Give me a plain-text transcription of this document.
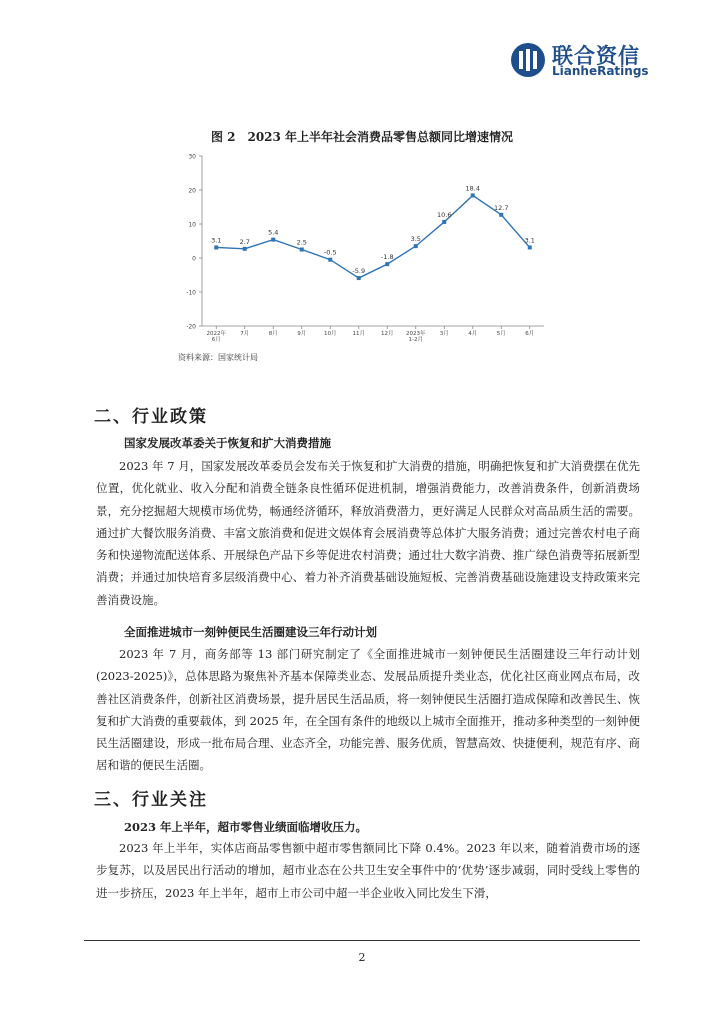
联合资信
LianheRatings
图 2　2023 年上半年社会消费品零售总额同比增速情况
-20
-10
0
10
20
30
2022年 6月
7月	8月	9月	10月	11月	12月 2023年 1-2月
3月	4月	5月	6月
3.1	2.7
5.4
2.5
-0.5
-5.9
-1.8
3.5
10.6
18.4
12.7
3.1
资料来源：国家统计局
二、行业政策
国家发展改革委关于恢复和扩大消费措施

2023 年 7 月，国家发展改革委员会发布关于恢复和扩大消费的措施，明确把恢复和扩大消费摆在优先位置，优化就业、收入分配和消费全链条良性循环促进机制，增强消费能力，改善消费条件，创新消费场景，充分挖掘超大规模市场优势，畅通经济循环，释放消费潜力，更好满足人民群众对高品质生活的需要。通过扩大餐饮服务消费、丰富文旅消费和促进文娱体育会展消费等总体扩大服务消费；通过完善农村电子商务和快递物流配送体系、开展绿色产品下乡等促进农村消费；通过壮大数字消费、推广绿色消费等拓展新型消费；并通过加快培育多层级消费中心、着力补齐消费基础设施短板、完善消费基础设施建设支持政策来完善消费设施。

全面推进城市一刻钟便民生活圈建设三年行动计划

2023 年 7 月，商务部等 13 部门研究制定了《全面推进城市一刻钟便民生活圈建设三年行动计划(2023-2025)》，总体思路为聚焦补齐基本保障类业态、发展品质提升类业态，优化社区商业网点布局，改善社区消费条件，创新社区消费场景，提升居民生活品质，将一刻钟便民生活圈打造成保障和改善民生、恢复和扩大消费的重要载体，到 2025 年，在全国有条件的地级以上城市全面推开，推动多种类型的一刻钟便民生活圈建设，形成一批布局合理、业态齐全，功能完善、服务优质，智慧高效、快捷便利，规范有序、商居和谐的便民生活圈。

三、行业关注
2023 年上半年，超市零售业绩面临增收压力。

2023 年上半年，实体店商品零售额中超市零售额同比下降 0.4%。2023 年以来，随着消费市场的逐步复苏，以及居民出行活动的增加，超市业态在公共卫生安全事件中的‘优势’逐步减弱，同时受线上零售的进一步挤压，2023 年上半年，超市上市公司中超一半企业收入同比发生下滑，

2
